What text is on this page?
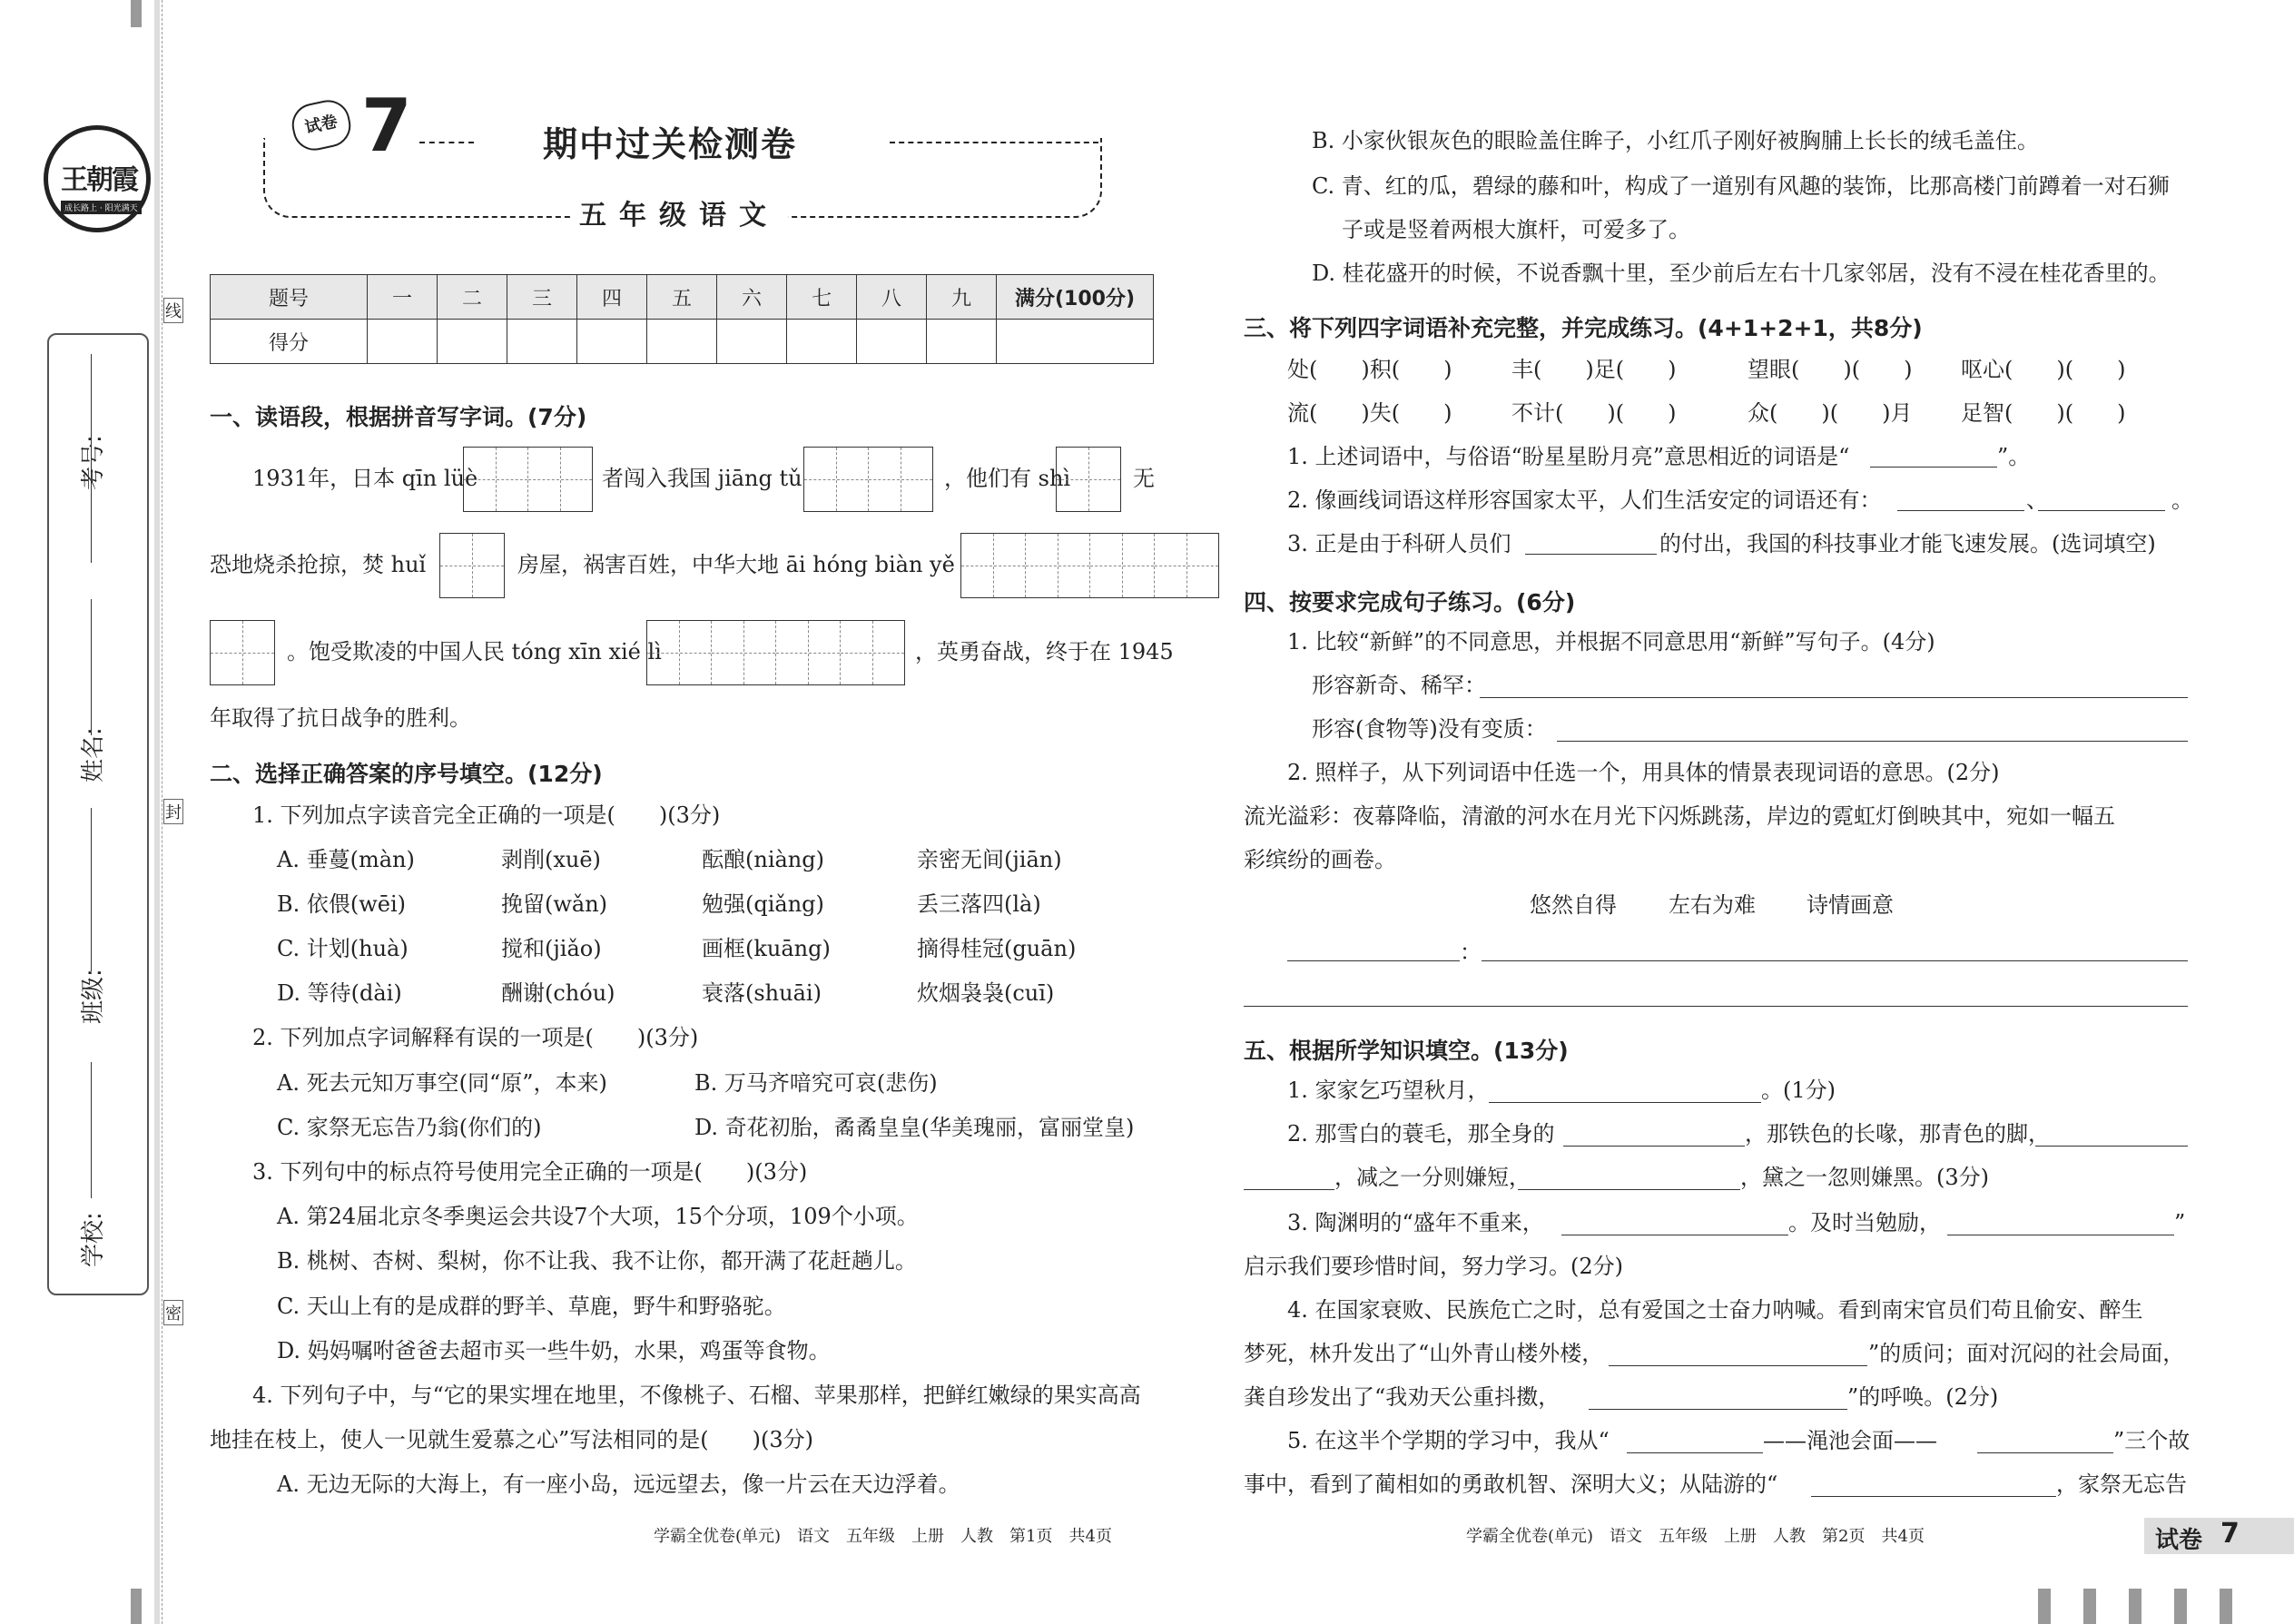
线
封
密
王朝霞
成长路上 · 阳光满天
考号:
姓名:
班级:
学校:
试卷 7	期中过关检测卷
五年级语文
题号	一	二	三	四	五	六	七	八	九	满分(100分)
得分										
一、读语段，根据拼音写字词。(7分)
1931年，日本 qīn lüè	者闯入我国 jiāng tǔ	，他们有 shì	无
恐地烧杀抢掠，焚 huǐ	房屋，祸害百姓，中华大地 āi hóng biàn yě
。饱受欺凌的中国人民 tóng xīn xié lì	，英勇奋战，终于在 1945
年取得了抗日战争的胜利。
二、选择正确答案的序号填空。(12分)
1. 下列加点字读音完全正确的一项是(　　)(3分)
A. 垂蔓(màn)	剥削(xuē)	酝酿(niàng)	亲密无间(jiān)
B. 依偎(wēi)	挽留(wǎn)	勉强(qiǎng)	丢三落四(là)
C. 计划(huà)	搅和(jiǎo)	画框(kuāng)	摘得桂冠(guān)
D. 等待(dài)	酬谢(chóu)	衰落(shuāi)	炊烟袅袅(cuī)
2. 下列加点字词解释有误的一项是(　　)(3分)
A. 死去元知万事空(同“原”，本来)	B. 万马齐喑究可哀(悲伤)
C. 家祭无忘告乃翁(你们的)	D. 奇花初胎，矞矞皇皇(华美瑰丽，富丽堂皇)
3. 下列句中的标点符号使用完全正确的一项是(　　)(3分)
A. 第24届北京冬季奥运会共设7个大项，15个分项，109个小项。
B. 桃树、杏树、梨树，你不让我、我不让你，都开满了花赶趟儿。
C. 天山上有的是成群的野羊、草鹿，野牛和野骆驼。
D. 妈妈嘱咐爸爸去超市买一些牛奶，水果，鸡蛋等食物。
4. 下列句子中，与“它的果实埋在地里，不像桃子、石榴、苹果那样，把鲜红嫩绿的果实高高
地挂在枝上，使人一见就生爱慕之心”写法相同的是(　　)(3分)
A. 无边无际的大海上，有一座小岛，远远望去，像一片云在天边浮着。
学霸全优卷(单元)　语文　五年级　上册　人教　第1页　共4页
B. 小家伙银灰色的眼睑盖住眸子，小红爪子刚好被胸脯上长长的绒毛盖住。
C. 青、红的瓜，碧绿的藤和叶，构成了一道别有风趣的装饰，比那高楼门前蹲着一对石狮
子或是竖着两根大旗杆，可爱多了。
D. 桂花盛开的时候，不说香飘十里，至少前后左右十几家邻居，没有不浸在桂花香里的。
三、将下列四字词语补充完整，并完成练习。(4+1+2+1，共8分)
处(　　)积(　　)	丰(　　)足(　　)	望眼(　　)(　　) 呕心(　　)(　　)
流(　　)失(　　)	不计(　　)(　　)	众(　　)(　　)月 足智(　　)(　　)
1. 上述词语中，与俗语“盼星星盼月亮”意思相近的词语是“	”。
2. 像画线词语这样形容国家太平，人们生活安定的词语还有：	、	。
3. 正是由于科研人员们	的付出，我国的科技事业才能飞速发展。(选词填空)
四、按要求完成句子练习。(6分)
1. 比较“新鲜”的不同意思，并根据不同意思用“新鲜”写句子。(4分)
形容新奇、稀罕：
形容(食物等)没有变质：
2. 照样子，从下列词语中任选一个，用具体的情景表现词语的意思。(2分)
流光溢彩：夜幕降临，清澈的河水在月光下闪烁跳荡，岸边的霓虹灯倒映其中，宛如一幅五
彩缤纷的画卷。
悠然自得 左右为难 诗情画意
：
五、根据所学知识填空。(13分)
1. 家家乞巧望秋月，	。(1分)
2. 那雪白的蓑毛，那全身的	，那铁色的长喙，那青色的脚，
，减之一分则嫌短，	，黛之一忽则嫌黑。(3分)
3. 陶渊明的“盛年不重来，	。及时当勉励，	”
启示我们要珍惜时间，努力学习。(2分)
4. 在国家衰败、民族危亡之时，总有爱国之士奋力呐喊。看到南宋官员们苟且偷安、醉生
梦死，林升发出了“山外青山楼外楼，	”的质问；面对沉闷的社会局面，
龚自珍发出了“我劝天公重抖擞，	”的呼唤。(2分)
5. 在这半个学期的学习中，我从“	——渑池会面——	”三个故
事中，看到了蔺相如的勇敢机智、深明大义；从陆游的“	，家祭无忘告
学霸全优卷(单元)　语文　五年级　上册　人教　第2页　共4页	试卷 7
